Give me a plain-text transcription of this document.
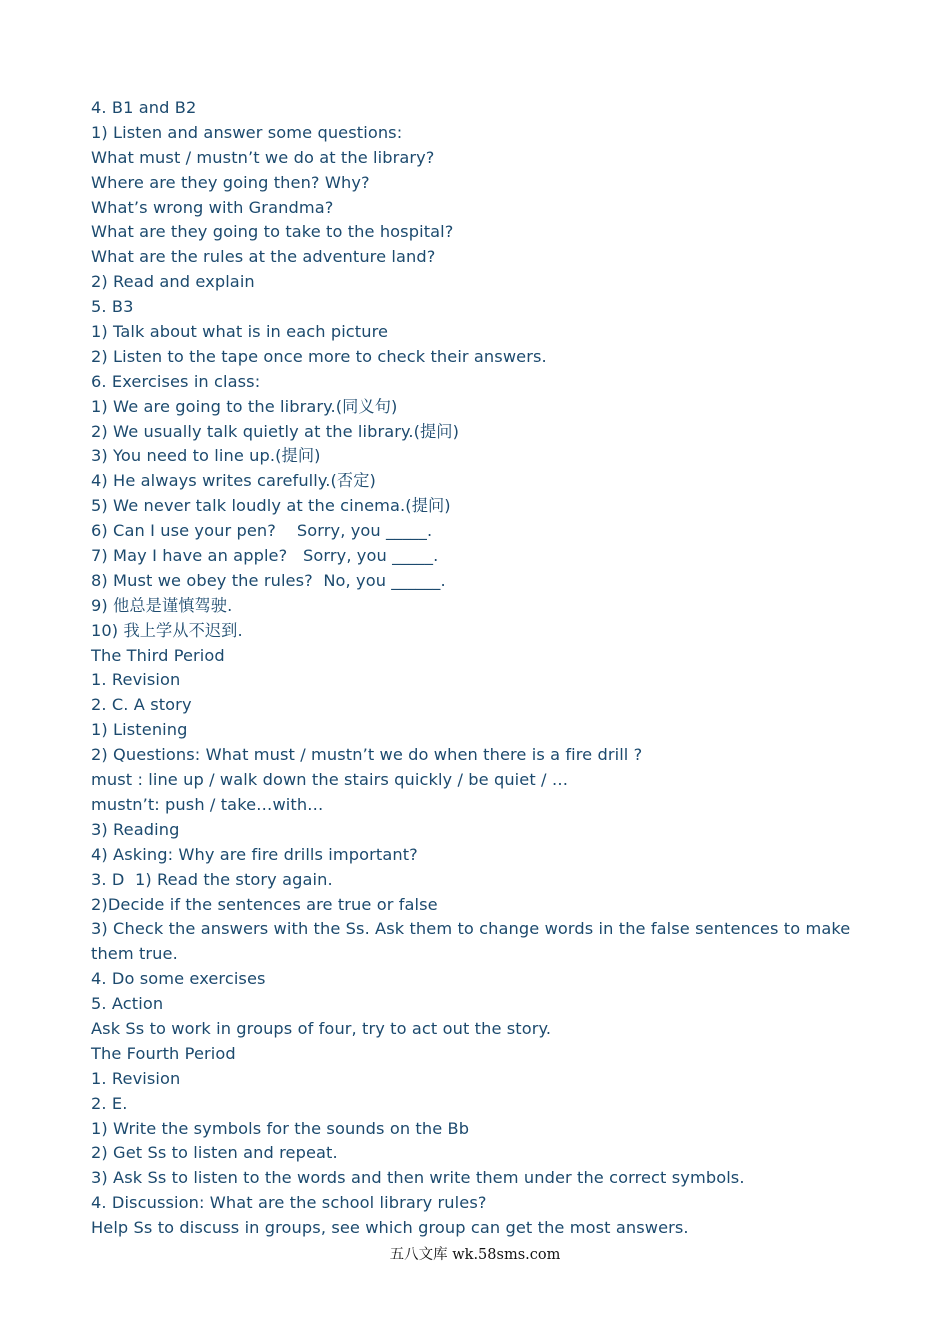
4. B1 and B2
1) Listen and answer some questions:
What must / mustn’t we do at the library?
Where are they going then? Why?
What’s wrong with Grandma?
What are they going to take to the hospital?
What are the rules at the adventure land?
2) Read and explain
5. B3
1) Talk about what is in each picture
2) Listen to the tape once more to check their answers.
6. Exercises in class:
1) We are going to the library.(同义句)
2) We usually talk quietly at the library.(提问)
3) You need to line up.(提问)
4) He always writes carefully.(否定)
5) We never talk loudly at the cinema.(提问)
6) Can I use your pen?    Sorry, you _____.
7) May I have an apple?   Sorry, you _____.
8) Must we obey the rules?  No, you ______.
9) 他总是谨慎驾驶.
10) 我上学从不迟到.
The Third Period
1. Revision
2. C. A story
1) Listening
2) Questions: What must / mustn’t we do when there is a fire drill ?
must : line up / walk down the stairs quickly / be quiet / …
mustn’t: push / take…with…
3) Reading
4) Asking: Why are fire drills important?
3. D  1) Read the story again.
2)Decide if the sentences are true or false
3) Check the answers with the Ss. Ask them to change words in the false sentences to make them true.
4. Do some exercises
5. Action
Ask Ss to work in groups of four, try to act out the story.
The Fourth Period
1. Revision
2. E.
1) Write the symbols for the sounds on the Bb
2) Get Ss to listen and repeat.
3) Ask Ss to listen to the words and then write them under the correct symbols.
4. Discussion: What are the school library rules?
Help Ss to discuss in groups, see which group can get the most answers.
五八文库 wk.58sms.com
